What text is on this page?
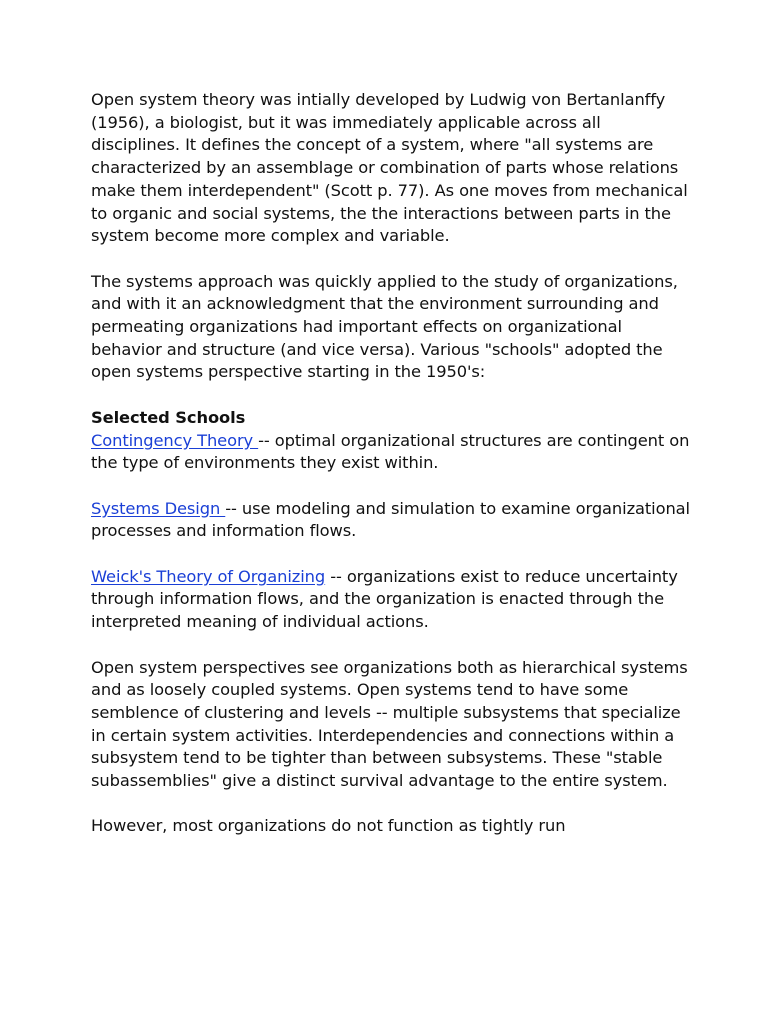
Open system theory was intially developed by Ludwig von Bertanlanffy (1956), a biologist, but it was immediately applicable across all disciplines. It defines the concept of a system, where "all systems are characterized by an assemblage or combination of parts whose relations make them interdependent" (Scott p. 77). As one moves from mechanical to organic and social systems, the the interactions between parts in the system become more complex and variable.

The systems approach was quickly applied to the study of organizations, and with it an acknowledgment that the environment surrounding and permeating organizations had important effects on organizational behavior and structure (and vice versa). Various "schools" adopted the open systems perspective starting in the 1950's:

Selected Schools

Contingency Theory -- optimal organizational structures are contingent on the type of environments they exist within.

Systems Design -- use modeling and simulation to examine organizational processes and information flows.

Weick's Theory of Organizing -- organizations exist to reduce uncertainty through information flows, and the organization is enacted through the interpreted meaning of individual actions.

Open system perspectives see organizations both as hierarchical systems and as loosely coupled systems. Open systems tend to have some semblence of clustering and levels -- multiple subsystems that specialize in certain system activities. Interdependencies and connections within a subsystem tend to be tighter than between subsystems. These "stable subassemblies" give a distinct survival advantage to the entire system.

However, most organizations do not function as tightly run
